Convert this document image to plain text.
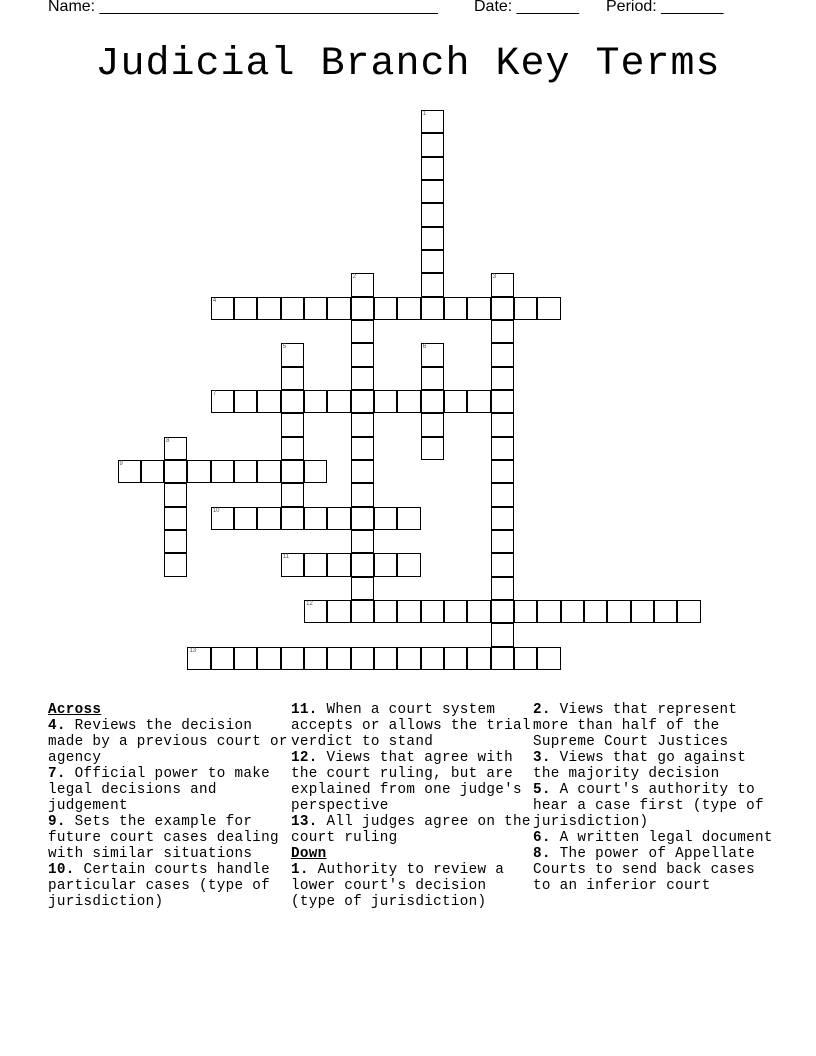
Name: ______________________________________ Date: _______ Period: _______
Judicial Branch Key Terms
1
2	3
4
5	6
7
8
9
10
11
12
13

Across

4. Reviews the decision made by a previous court or agency

7. Official power to make legal decisions and judgement

9. Sets the example for future court cases dealing with similar situations

10. Certain courts handle particular cases (type of jurisdiction)

11. When a court system accepts or allows the trial verdict to stand

12. Views that agree with the court ruling, but are explained from one judge's perspective

13. All judges agree on the court ruling

Down

1. Authority to review a lower court's decision (type of jurisdiction)

2. Views that represent more than half of the Supreme Court Justices

3. Views that go against the majority decision

5. A court's authority to hear a case first (type of jurisdiction)

6. A written legal document

8. The power of Appellate Courts to send back cases to an inferior court
